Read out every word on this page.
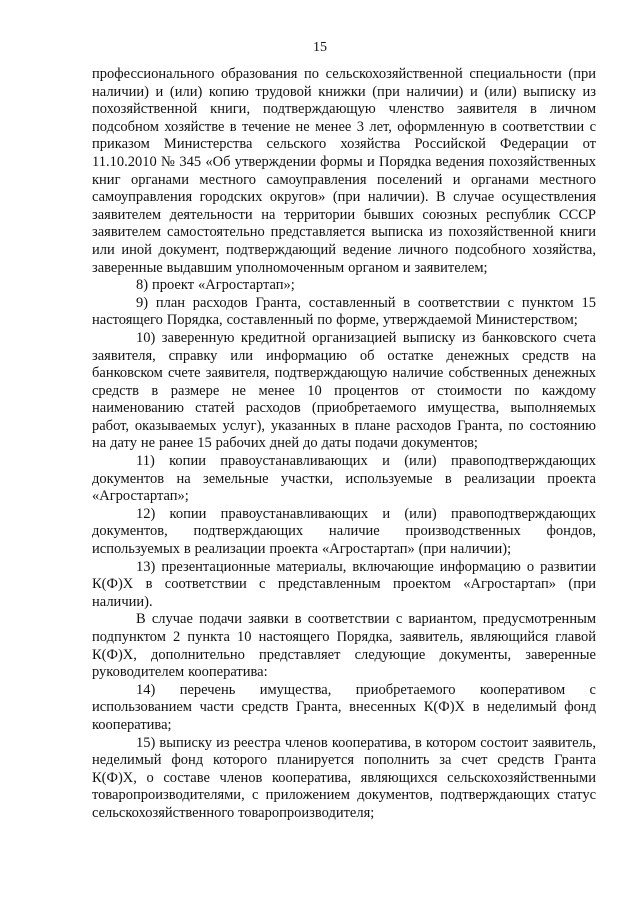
15

профессионального образования по сельскохозяйственной специальности (при наличии) и (или) копию трудовой книжки (при наличии) и (или) выписку из похозяйственной книги, подтверждающую членство заявителя в личном подсобном хозяйстве в течение не менее 3 лет, оформленную в соответствии с приказом Министерства сельского хозяйства Российской Федерации от 11.10.2010 № 345 «Об утверждении формы и Порядка ведения похозяйственных книг органами местного самоуправления поселений и органами местного самоуправления городских округов» (при наличии). В случае осуществления заявителем деятельности на территории бывших союзных республик СССР заявителем самостоятельно представляется выписка из похозяйственной книги или иной документ, подтверждающий ведение личного подсобного хозяйства, заверенные выдавшим уполномоченным органом и заявителем;

8) проект «Агростартап»;

9) план расходов Гранта, составленный в соответствии с пунктом 15 настоящего Порядка, составленный по форме, утверждаемой Министерством;

10) заверенную кредитной организацией выписку из банковского счета заявителя, справку или информацию об остатке денежных средств на банковском счете заявителя, подтверждающую наличие собственных денежных средств в размере не менее 10 процентов от стоимости по каждому наименованию статей расходов (приобретаемого имущества, выполняемых работ, оказываемых услуг), указанных в плане расходов Гранта, по состоянию на дату не ранее 15 рабочих дней до даты подачи документов;

11) копии правоустанавливающих и (или) правоподтверждающих документов на земельные участки, используемые в реализации проекта «Агростартап»;

12) копии правоустанавливающих и (или) правоподтверждающих документов, подтверждающих наличие производственных фондов, используемых в реализации проекта «Агростартап» (при наличии);

13) презентационные материалы, включающие информацию о развитии К(Ф)Х в соответствии с представленным проектом «Агростартап» (при наличии).

В случае подачи заявки в соответствии с вариантом, предусмотренным подпунктом 2 пункта 10 настоящего Порядка, заявитель, являющийся главой К(Ф)Х, дополнительно представляет следующие документы, заверенные руководителем кооператива:

14) перечень имущества, приобретаемого кооперативом с использованием части средств Гранта, внесенных К(Ф)Х в неделимый фонд кооператива;

15) выписку из реестра членов кооператива, в котором состоит заявитель, неделимый фонд которого планируется пополнить за счет средств Гранта К(Ф)Х, о составе членов кооператива, являющихся сельскохозяйственными товаропроизводителями, с приложением документов, подтверждающих статус сельскохозяйственного товаропроизводителя;
